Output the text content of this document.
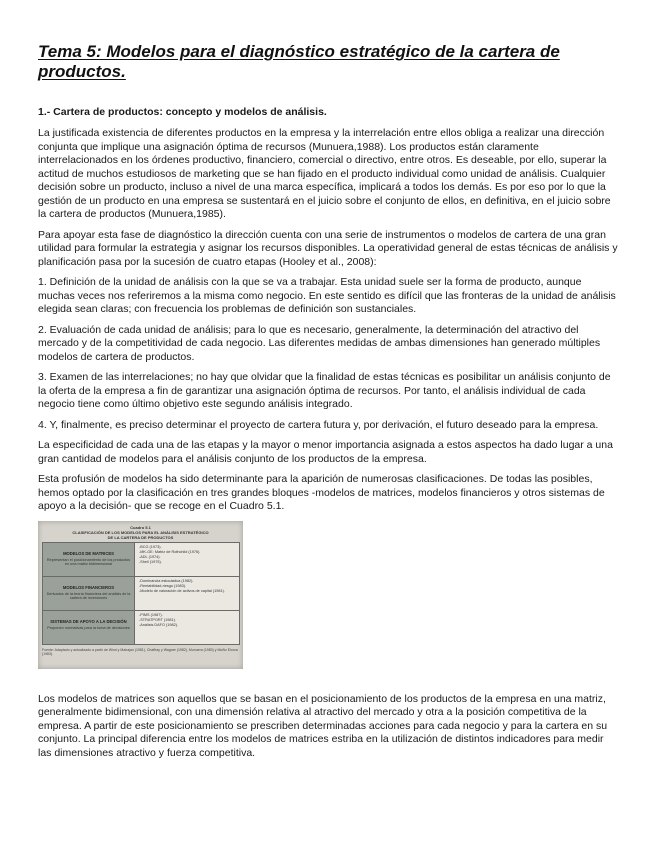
Tema 5: Modelos para el diagnóstico estratégico de la cartera de productos.
1.- Cartera de productos: concepto y modelos de análisis.

La justificada existencia de diferentes productos en la empresa y la interrelación entre ellos obliga a realizar una dirección conjunta que implique una asignación óptima de recursos (Munuera,1988). Los productos están claramente interrelacionados en los órdenes productivo, financiero, comercial o directivo, entre otros. Es deseable, por ello, superar la actitud de muchos estudiosos de marketing que se han fijado en el producto individual como unidad de análisis. Cualquier decisión sobre un producto, incluso a nivel de una marca específica, implicará a todos los demás. Es por eso por lo que la gestión de un producto en una empresa se sustentará en el juicio sobre el conjunto de ellos, en definitiva, en el juicio sobre la cartera de productos (Munuera,1985).

Para apoyar esta fase de diagnóstico la dirección cuenta con una serie de instrumentos o modelos de cartera de una gran utilidad para formular la estrategia y asignar los recursos disponibles. La operatividad general de estas técnicas de análisis y planificación pasa por la sucesión de cuatro etapas (Hooley et al., 2008):

1. Definición de la unidad de análisis con la que se va a trabajar. Esta unidad suele ser la forma de producto, aunque muchas veces nos referiremos a la misma como negocio. En este sentido es difícil que las fronteras de la unidad de análisis elegida sean claras; con frecuencia los problemas de definición son sustanciales.

2. Evaluación de cada unidad de análisis; para lo que es necesario, generalmente, la determinación del atractivo del mercado y de la competitividad de cada negocio. Las diferentes medidas de ambas dimensiones han generado múltiples modelos de cartera de productos.

3. Examen de las interrelaciones; no hay que olvidar que la finalidad de estas técnicas es posibilitar un análisis conjunto de la oferta de la empresa a fin de garantizar una asignación óptima de recursos. Por tanto, el análisis individual de cada negocio tiene como último objetivo este segundo análisis integrado.

4. Y, finalmente, es preciso determinar el proyecto de cartera futura y, por derivación, el futuro deseado para la empresa.

La especificidad de cada una de las etapas y la mayor o menor importancia asignada a estos aspectos ha dado lugar a una gran cantidad de modelos para el análisis conjunto de los productos de la empresa.

Esta profusión de modelos ha sido determinante para la aparición de numerosas clasificaciones. De todas las posibles, hemos optado por la clasificación en tres grandes bloques -modelos de matrices, modelos financieros y otros sistemas de apoyo a la decisión- que se recoge en el Cuadro 5.1.

Cuadro 5.1
CLASIFICACIÓN DE LOS MODELOS PARA EL ANÁLISIS ESTRATÉGICO
DE LA CARTERA DE PRODUCTOS
MODELOS DE MATRICES
Representan el posicionamiento de los productos en una matriz bidimensional
-BCG (1973).
-MK-GE: Matriz de Rothchild (1976).
-ADL (1974).
-Shell (1975).
MODELOS FINANCIEROS
Derivados de la teoría financiera del análisis de la cartera de inversiones
-Dominancia estocástica (1982).
-Rentabilidad-riesgo (1983).
-Modelo de valoración de activos de capital (1981).
SISTEMAS DE APOYO A LA DECISIÓN
Proponen normativas para la toma de decisiones
-PIMS (1987).
-STRATPORT (1981).
-Análisis DAFO (1982).
Fuente: Adaptado y actualizado a partir de Wind y Mahajan (1981), Chaffray y Wagner (1982), Munuera (1983) y Muñiz Elorza (1983).

Los modelos de matrices son aquellos que se basan en el posicionamiento de los productos de la empresa en una matriz, generalmente bidimensional, con una dimensión relativa al atractivo del mercado y otra a la posición competitiva de la empresa. A partir de este posicionamiento se prescriben determinadas acciones para cada negocio y para la cartera en su conjunto. La principal diferencia entre los modelos de matrices estriba en la utilización de distintos indicadores para medir las dimensiones atractivo y fuerza competitiva.
